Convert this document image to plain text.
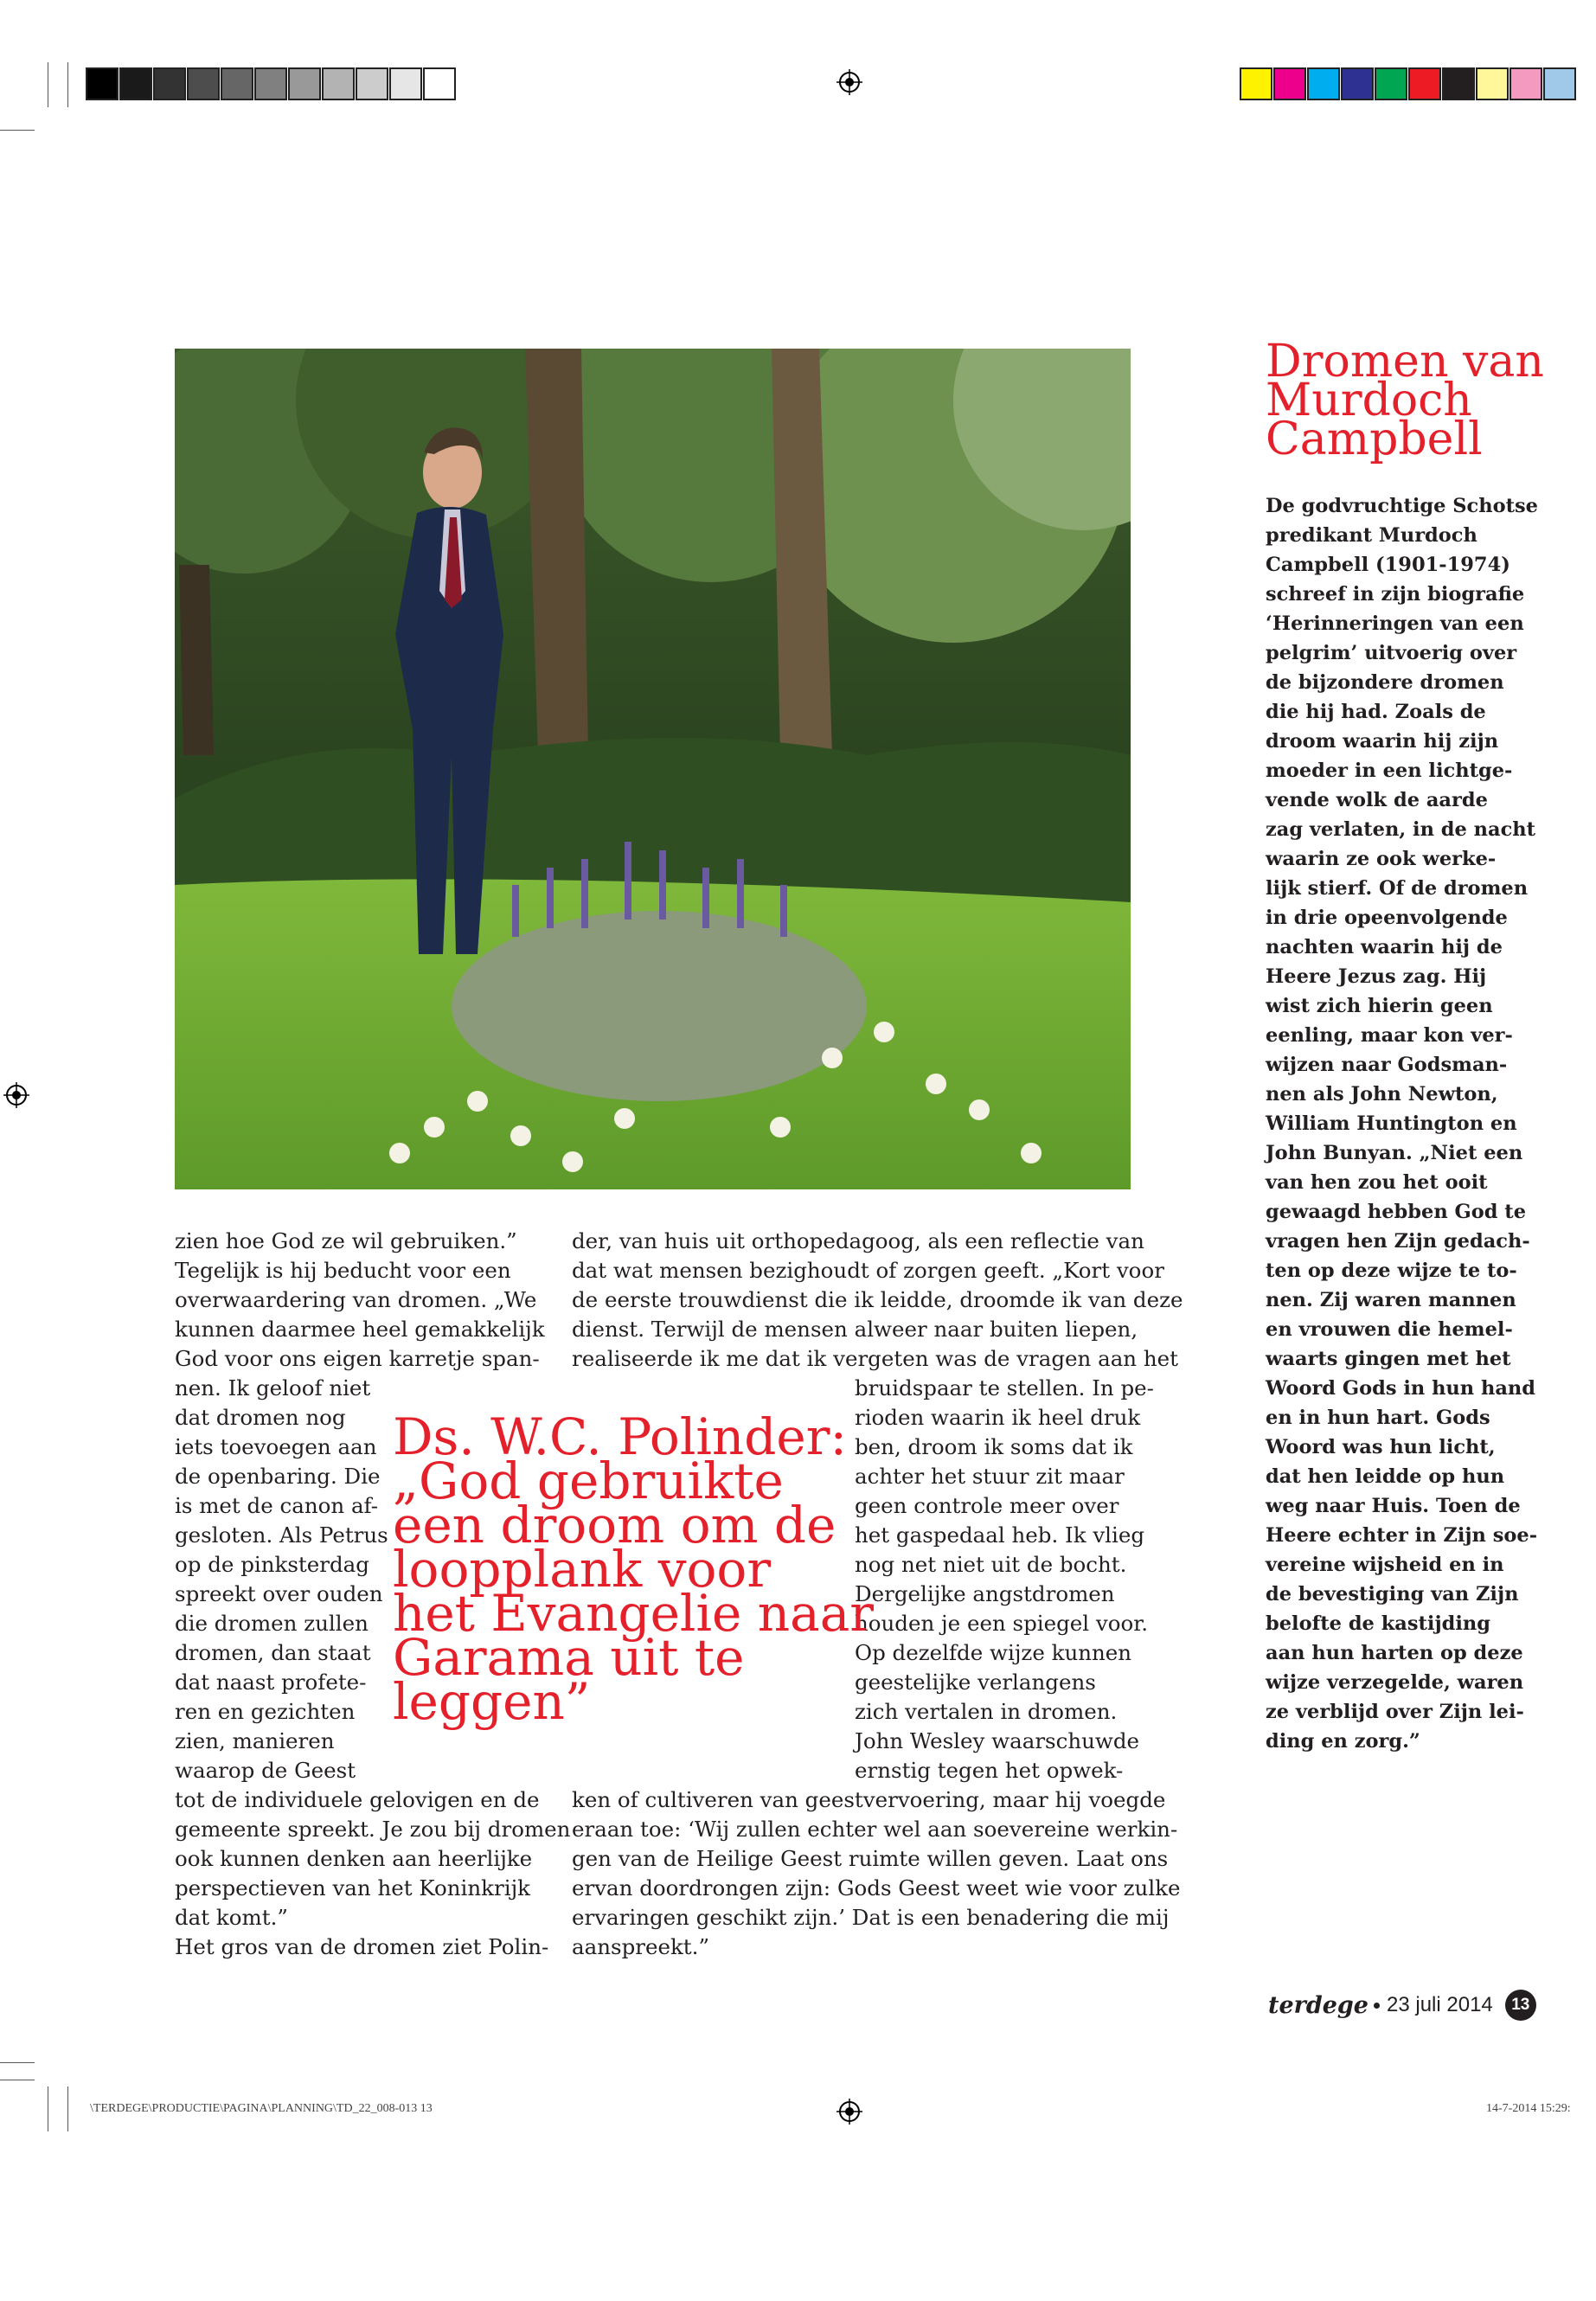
zien hoe God ze wil gebruiken.”

Tegelijk is hij beducht voor een

overwaardering van dromen. „We

kunnen daarmee heel gemakkelijk

God voor ons eigen karretje span-

nen. Ik geloof niet

dat dromen nog

iets toevoegen aan

de openbaring. Die

is met de canon af-

gesloten. Als Petrus

op de pinksterdag

spreekt over ouden

die dromen zullen

dromen, dan staat

dat naast profete-

ren en gezichten

zien, manieren

waarop de Geest

tot de individuele gelovigen en de

gemeente spreekt. Je zou bij dromen

ook kunnen denken aan heerlijke

perspectieven van het Koninkrijk

dat komt.”

Het gros van de dromen ziet Polin-

der, van huis uit orthopedagoog, als een reflectie van

dat wat mensen bezighoudt of zorgen geeft. „Kort voor

de eerste trouwdienst die ik leidde, droomde ik van deze

dienst. Terwijl de mensen alweer naar buiten liepen,

realiseerde ik me dat ik vergeten was de vragen aan het

bruidspaar te stellen. In pe-

rioden waarin ik heel druk

ben, droom ik soms dat ik

achter het stuur zit maar

geen controle meer over

het gaspedaal heb. Ik vlieg

nog net niet uit de bocht.

Dergelijke angstdromen

houden je een spiegel voor.

Op dezelfde wijze kunnen

geestelijke verlangens

zich vertalen in dromen.

John Wesley waarschuwde

ernstig tegen het opwek-

ken of cultiveren van geestvervoering, maar hij voegde

eraan toe: ‘Wij zullen echter wel aan soevereine werkin-

gen van de Heilige Geest ruimte willen geven. Laat ons

ervan doordrongen zijn: Gods Geest weet wie voor zulke

ervaringen geschikt zijn.’ Dat is een benadering die mij

aanspreekt.”

Ds. W.C. Polinder:

„God gebruikte

een droom om de

loopplank voor

het Evangelie naar

Garama uit te

leggen”

Dromen van

Murdoch

Campbell

De godvruchtige Schotse

predikant Murdoch

Campbell (1901-1974)

schreef in zijn biografie

‘Herinneringen van een

pelgrim’ uitvoerig over

de bijzondere dromen

die hij had. Zoals de

droom waarin hij zijn

moeder in een lichtge-

vende wolk de aarde

zag verlaten, in de nacht

waarin ze ook werke-

lijk stierf. Of de dromen

in drie opeenvolgende

nachten waarin hij de

Heere Jezus zag. Hij

wist zich hierin geen

eenling, maar kon ver-

wijzen naar Godsman-

nen als John Newton,

William Huntington en

John Bunyan. „Niet een

van hen zou het ooit

gewaagd hebben God te

vragen hen Zijn gedach-

ten op deze wijze te to-

nen. Zij waren mannen

en vrouwen die hemel-

waarts gingen met het

Woord Gods in hun hand

en in hun hart. Gods

Woord was hun licht,

dat hen leidde op hun

weg naar Huis. Toen de

Heere echter in Zijn soe-

vereine wijsheid en in

de bevestiging van Zijn

belofte de kastijding

aan hun harten op deze

wijze verzegelde, waren

ze verblijd over Zijn lei-

ding en zorg.”

terdege 23 juli 2014	13
\TERDEGE\PRODUCTIE\PAGINA\PLANNING\TD_22_008-013 13	14-7-2014 15:29:
